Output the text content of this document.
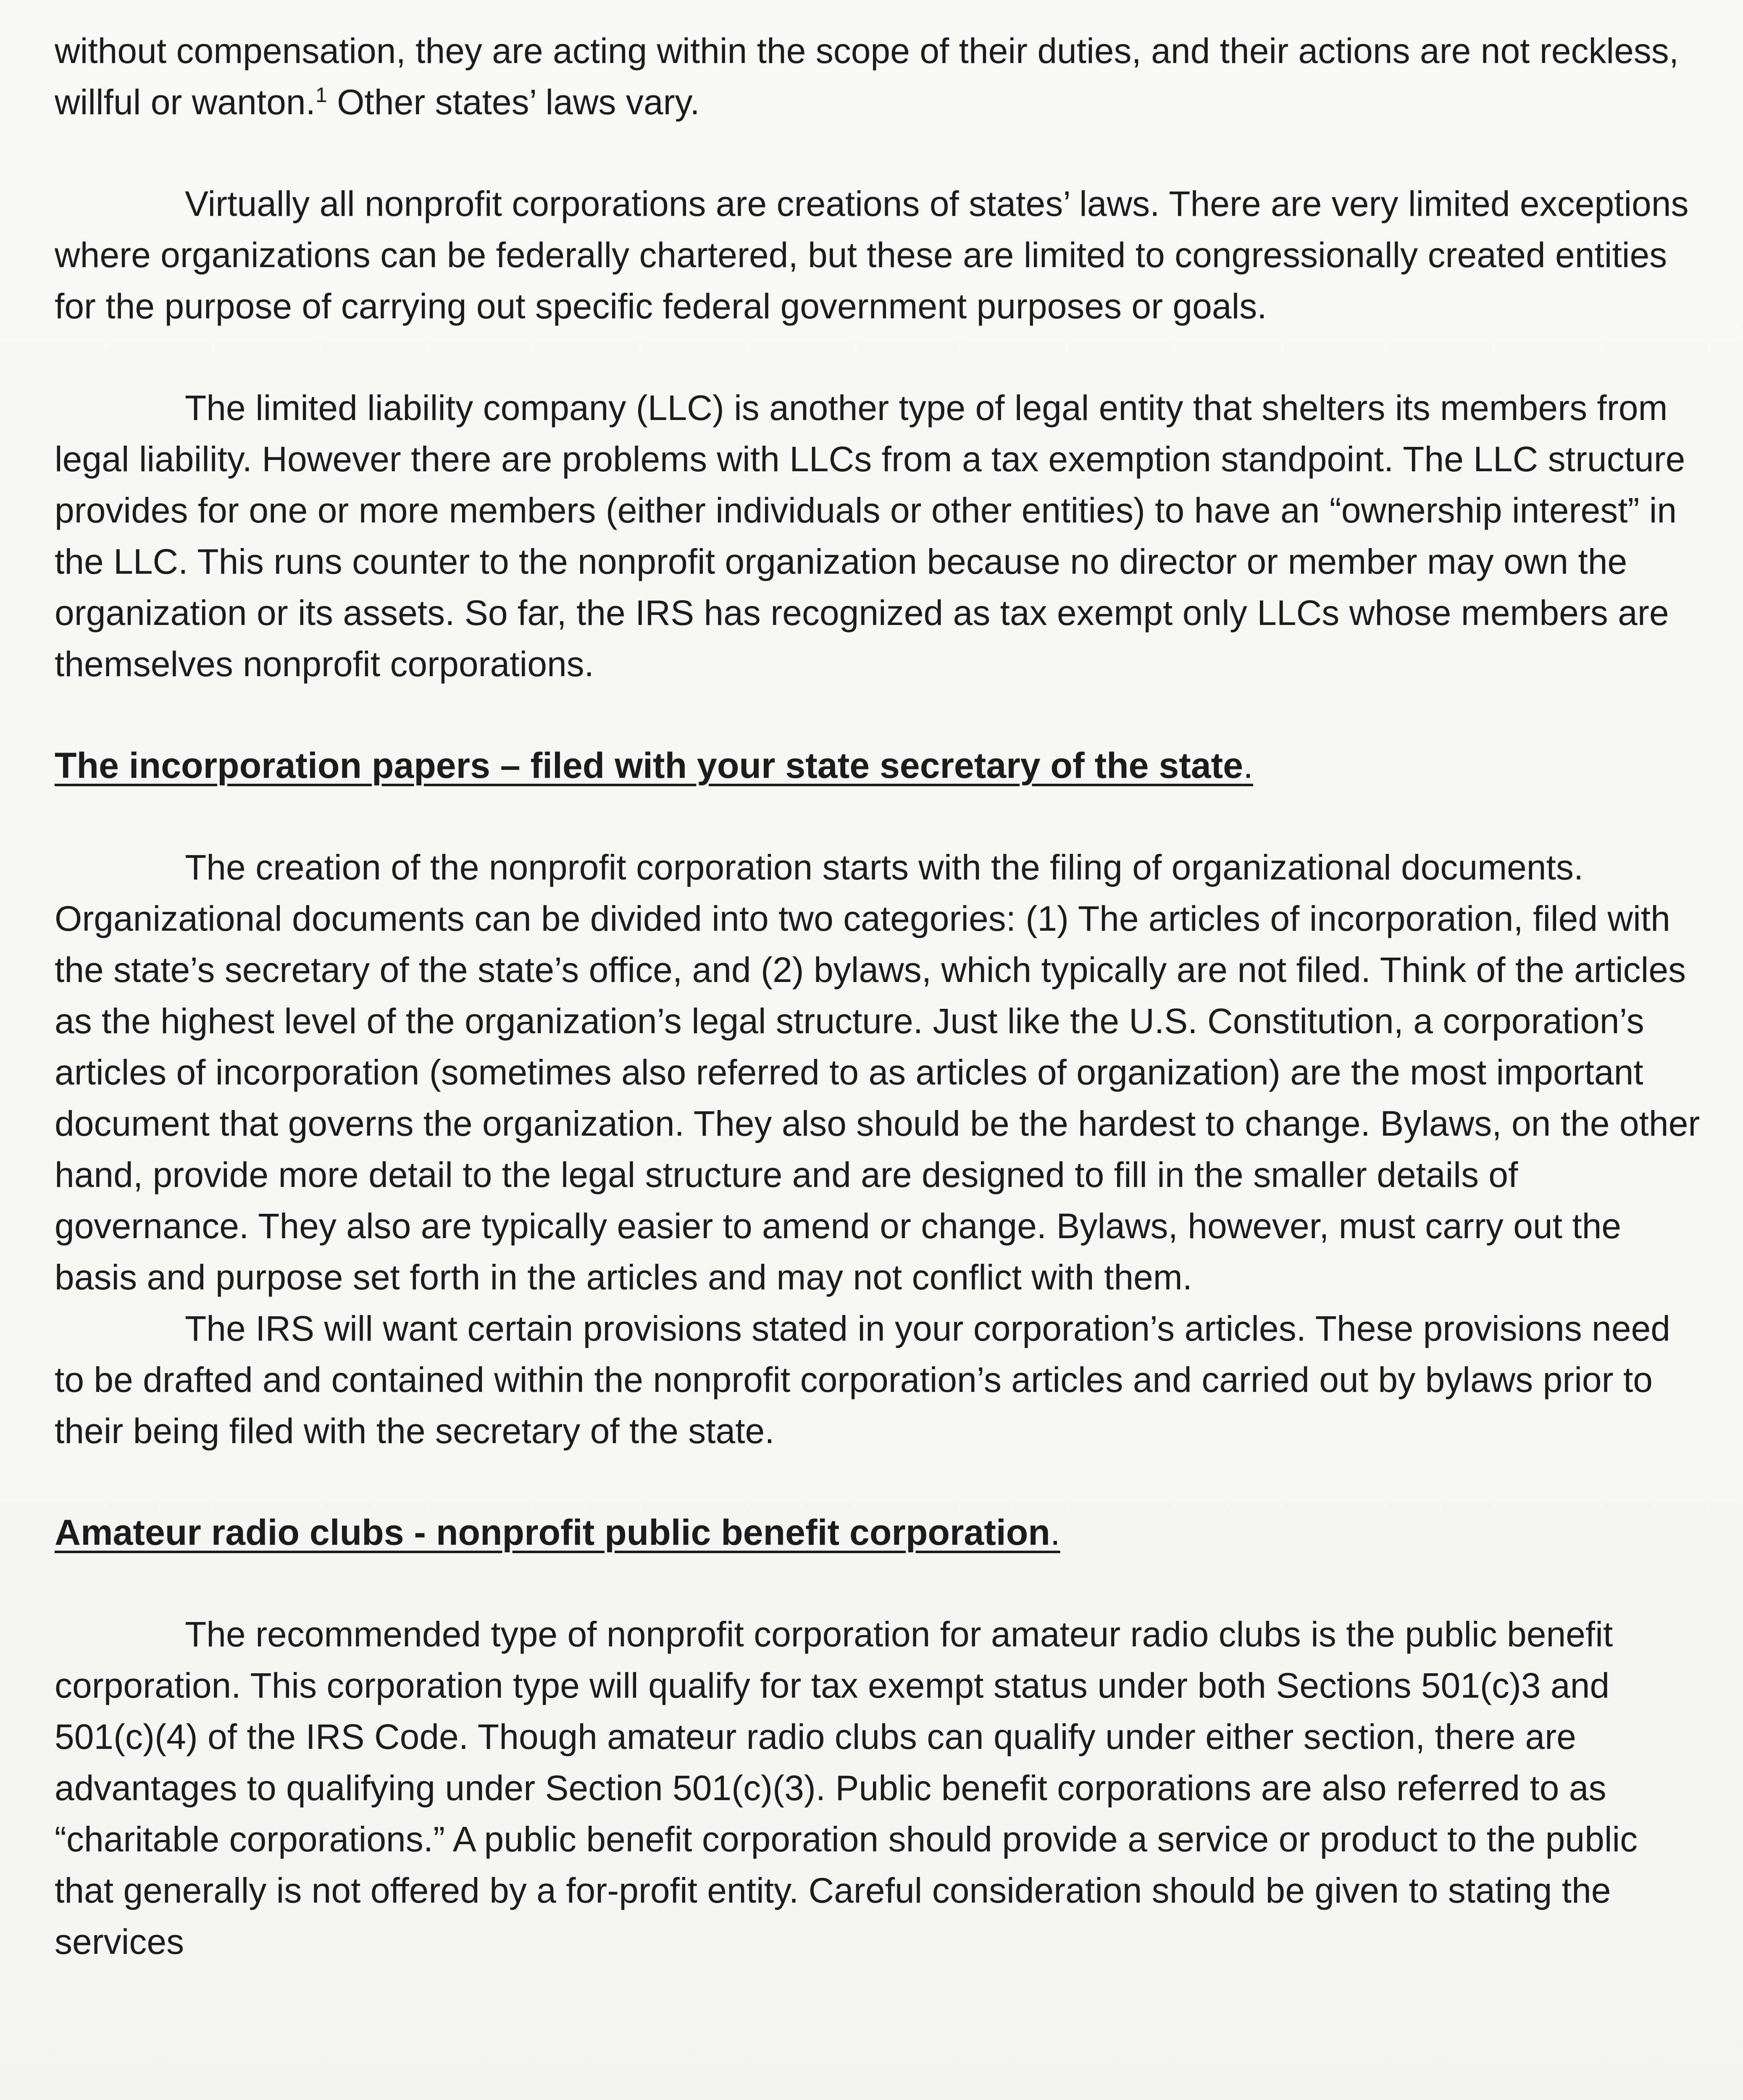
without compensation, they are acting within the scope of their duties, and their actions are not reckless, willful or wanton.$^1$ Other states’ laws vary.

Virtually all nonprofit corporations are creations of states’ laws. There are very limited exceptions where organizations can be federally chartered, but these are limited to congressionally created entities for the purpose of carrying out specific federal government purposes or goals.

The limited liability company (LLC) is another type of legal entity that shelters its members from legal liability. However there are problems with LLCs from a tax exemption standpoint. The LLC structure provides for one or more members (either individuals or other entities) to have an “ownership interest” in the LLC. This runs counter to the nonprofit organization because no director or member may own the organization or its assets. So far, the IRS has recognized as tax exempt only LLCs whose members are themselves nonprofit corporations.

The incorporation papers – filed with your state secretary of the state.

The creation of the nonprofit corporation starts with the filing of organizational documents. Organizational documents can be divided into two categories: (1) The articles of incorporation, filed with the state’s secretary of the state’s office, and (2) bylaws, which typically are not filed. Think of the articles as the highest level of the organization’s legal structure. Just like the U.S. Constitution, a corporation’s articles of incorporation (sometimes also referred to as articles of organization) are the most important document that governs the organization. They also should be the hardest to change. Bylaws, on the other hand, provide more detail to the legal structure and are designed to fill in the smaller details of governance. They also are typically easier to amend or change. Bylaws, however, must carry out the basis and purpose set forth in the articles and may not conflict with them.

The IRS will want certain provisions stated in your corporation’s articles. These provisions need to be drafted and contained within the nonprofit corporation’s articles and carried out by bylaws prior to their being filed with the secretary of the state.

Amateur radio clubs - nonprofit public benefit corporation.

The recommended type of nonprofit corporation for amateur radio clubs is the public benefit corporation. This corporation type will qualify for tax exempt status under both Sections 501(c)3 and 501(c)(4) of the IRS Code. Though amateur radio clubs can qualify under either section, there are advantages to qualifying under Section 501(c)(3). Public benefit corporations are also referred to as “charitable corporations.” A public benefit corporation should provide a service or product to the public that generally is not offered by a for-profit entity. Careful consideration should be given to stating the services
